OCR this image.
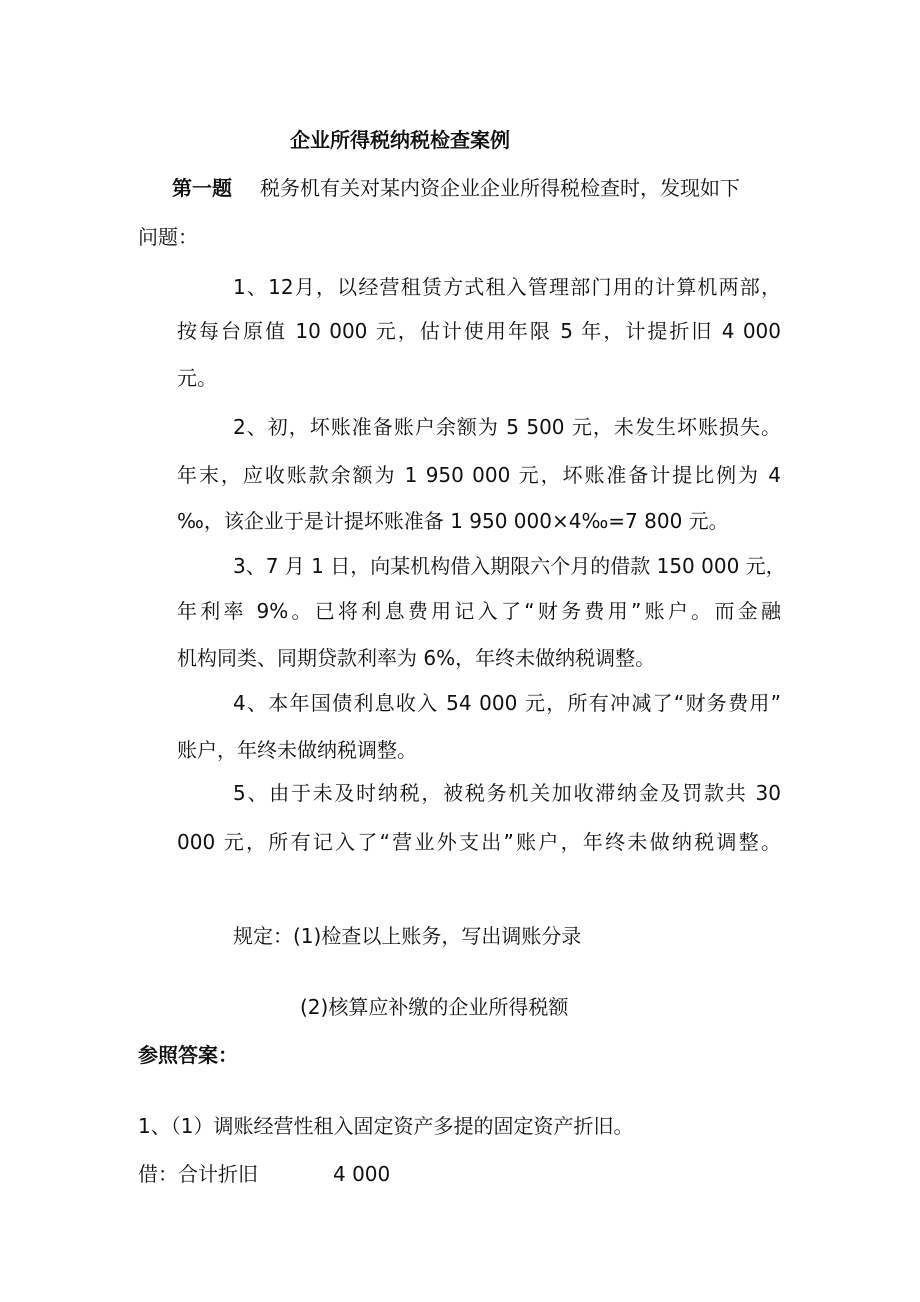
企业所得税纳税检查案例
第一题 税务机有关对某内资企业企业所得税检查时，发现如下
问题：
1、12月，以经营租赁方式租入管理部门用的计算机两部，
按每台原值 10 000 元，估计使用年限 5 年，计提折旧 4 000
元。
2、初，坏账准备账户余额为 5 500 元，未发生坏账损失。
年末，应收账款余额为 1 950 000 元，坏账准备计提比例为 4
‰，该企业于是计提坏账准备 1 950 000×4‰=7 800 元。
3、7 月 1 日，向某机构借入期限六个月的借款 150 000 元，
年利率 9%。已将利息费用记入了“财务费用”账户。而金融
机构同类、同期贷款利率为 6%，年终未做纳税调整。
4、本年国债利息收入 54 000 元，所有冲减了“财务费用”
账户，年终未做纳税调整。
5、由于未及时纳税，被税务机关加收滞纳金及罚款共 30
000 元，所有记入了“营业外支出”账户，年终未做纳税调整。
规定：(1)检查以上账务，写出调账分录
(2)核算应补缴的企业所得税额
参照答案：
1、（1）调账经营性租入固定资产多提的固定资产折旧。
借：合计折旧	4 000
